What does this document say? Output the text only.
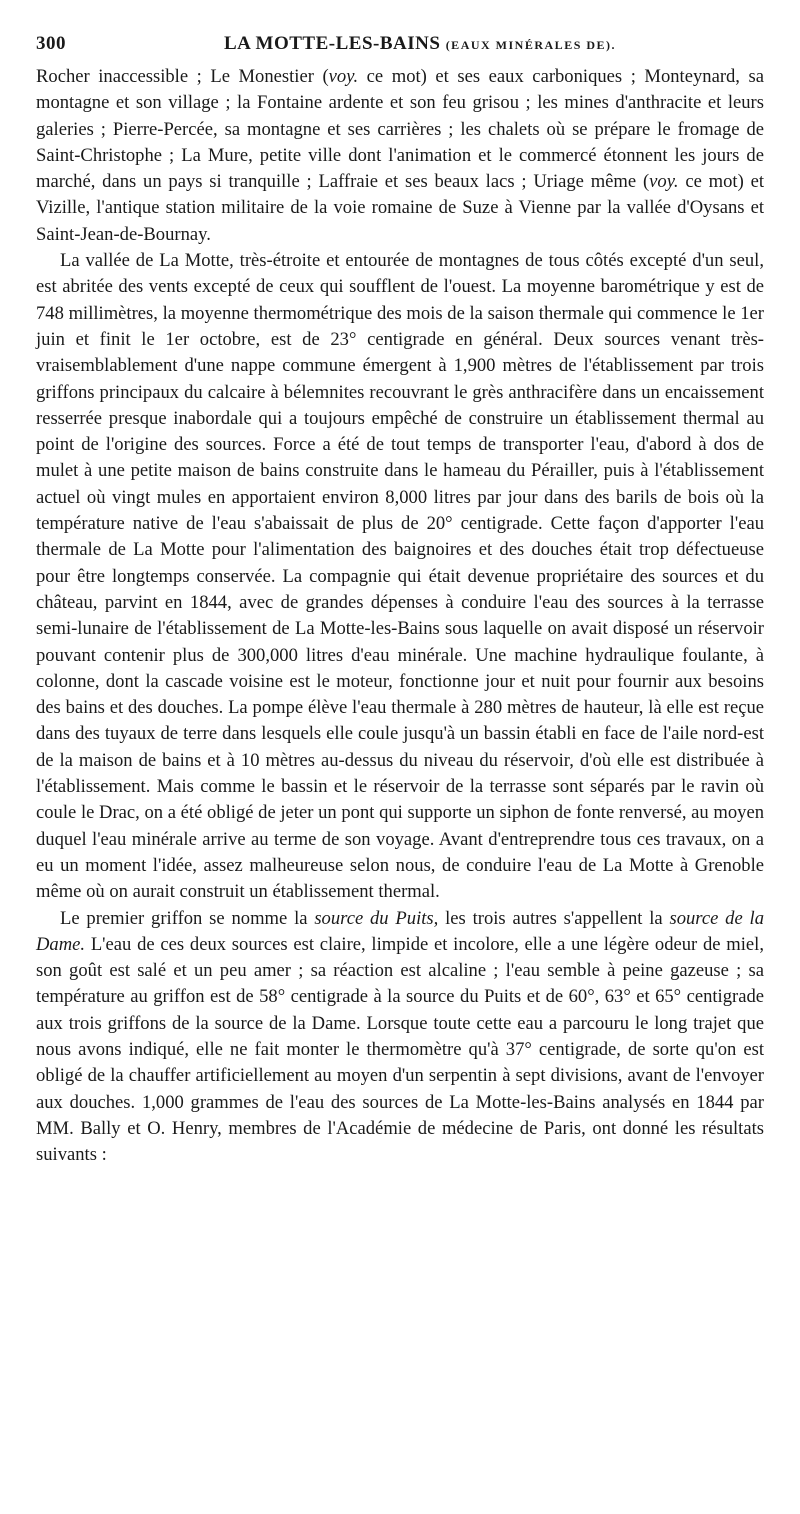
300	LA MOTTE-LES-BAINS (EAUX MINÉRALES DE).

Rocher inaccessible ; Le Monestier (voy. ce mot) et ses eaux carboniques ; Monteynard, sa montagne et son village ; la Fontaine ardente et son feu grisou ; les mines d'anthracite et leurs galeries ; Pierre-Percée, sa montagne et ses carrières ; les chalets où se prépare le fromage de Saint-Christophe ; La Mure, petite ville dont l'animation et le commercé étonnent les jours de marché, dans un pays si tranquille ; Laffraie et ses beaux lacs ; Uriage même (voy. ce mot) et Vizille, l'antique station militaire de la voie romaine de Suze à Vienne par la vallée d'Oysans et Saint-Jean-de-Bournay.

La vallée de La Motte, très-étroite et entourée de montagnes de tous côtés excepté d'un seul, est abritée des vents excepté de ceux qui soufflent de l'ouest. La moyenne barométrique y est de 748 millimètres, la moyenne thermométrique des mois de la saison thermale qui commence le 1er juin et finit le 1er octobre, est de 23° centigrade en général. Deux sources venant très-vraisemblablement d'une nappe commune émergent à 1,900 mètres de l'établissement par trois griffons principaux du calcaire à bélemnites recouvrant le grès anthracifère dans un encaissement resserrée presque inabordale qui a toujours empêché de construire un établissement thermal au point de l'origine des sources. Force a été de tout temps de transporter l'eau, d'abord à dos de mulet à une petite maison de bains construite dans le hameau du Pérailler, puis à l'établissement actuel où vingt mules en apportaient environ 8,000 litres par jour dans des barils de bois où la température native de l'eau s'abaissait de plus de 20° centigrade. Cette façon d'apporter l'eau thermale de La Motte pour l'alimentation des baignoires et des douches était trop défectueuse pour être longtemps conservée. La compagnie qui était devenue propriétaire des sources et du château, parvint en 1844, avec de grandes dépenses à conduire l'eau des sources à la terrasse semi-lunaire de l'établissement de La Motte-les-Bains sous laquelle on avait disposé un réservoir pouvant contenir plus de 300,000 litres d'eau minérale. Une machine hydraulique foulante, à colonne, dont la cascade voisine est le moteur, fonctionne jour et nuit pour fournir aux besoins des bains et des douches. La pompe élève l'eau thermale à 280 mètres de hauteur, là elle est reçue dans des tuyaux de terre dans lesquels elle coule jusqu'à un bassin établi en face de l'aile nord-est de la maison de bains et à 10 mètres au-dessus du niveau du réservoir, d'où elle est distribuée à l'établissement. Mais comme le bassin et le réservoir de la terrasse sont séparés par le ravin où coule le Drac, on a été obligé de jeter un pont qui supporte un siphon de fonte renversé, au moyen duquel l'eau minérale arrive au terme de son voyage. Avant d'entreprendre tous ces travaux, on a eu un moment l'idée, assez malheureuse selon nous, de conduire l'eau de La Motte à Grenoble même où on aurait construit un établissement thermal.

Le premier griffon se nomme la source du Puits, les trois autres s'appellent la source de la Dame. L'eau de ces deux sources est claire, limpide et incolore, elle a une légère odeur de miel, son goût est salé et un peu amer ; sa réaction est alcaline ; l'eau semble à peine gazeuse ; sa température au griffon est de 58° centigrade à la source du Puits et de 60°, 63° et 65° centigrade aux trois griffons de la source de la Dame. Lorsque toute cette eau a parcouru le long trajet que nous avons indiqué, elle ne fait monter le thermomètre qu'à 37° centigrade, de sorte qu'on est obligé de la chauffer artificiellement au moyen d'un serpentin à sept divisions, avant de l'envoyer aux douches. 1,000 grammes de l'eau des sources de La Motte-les-Bains analysés en 1844 par MM. Bally et O. Henry, membres de l'Académie de médecine de Paris, ont donné les résultats suivants :
